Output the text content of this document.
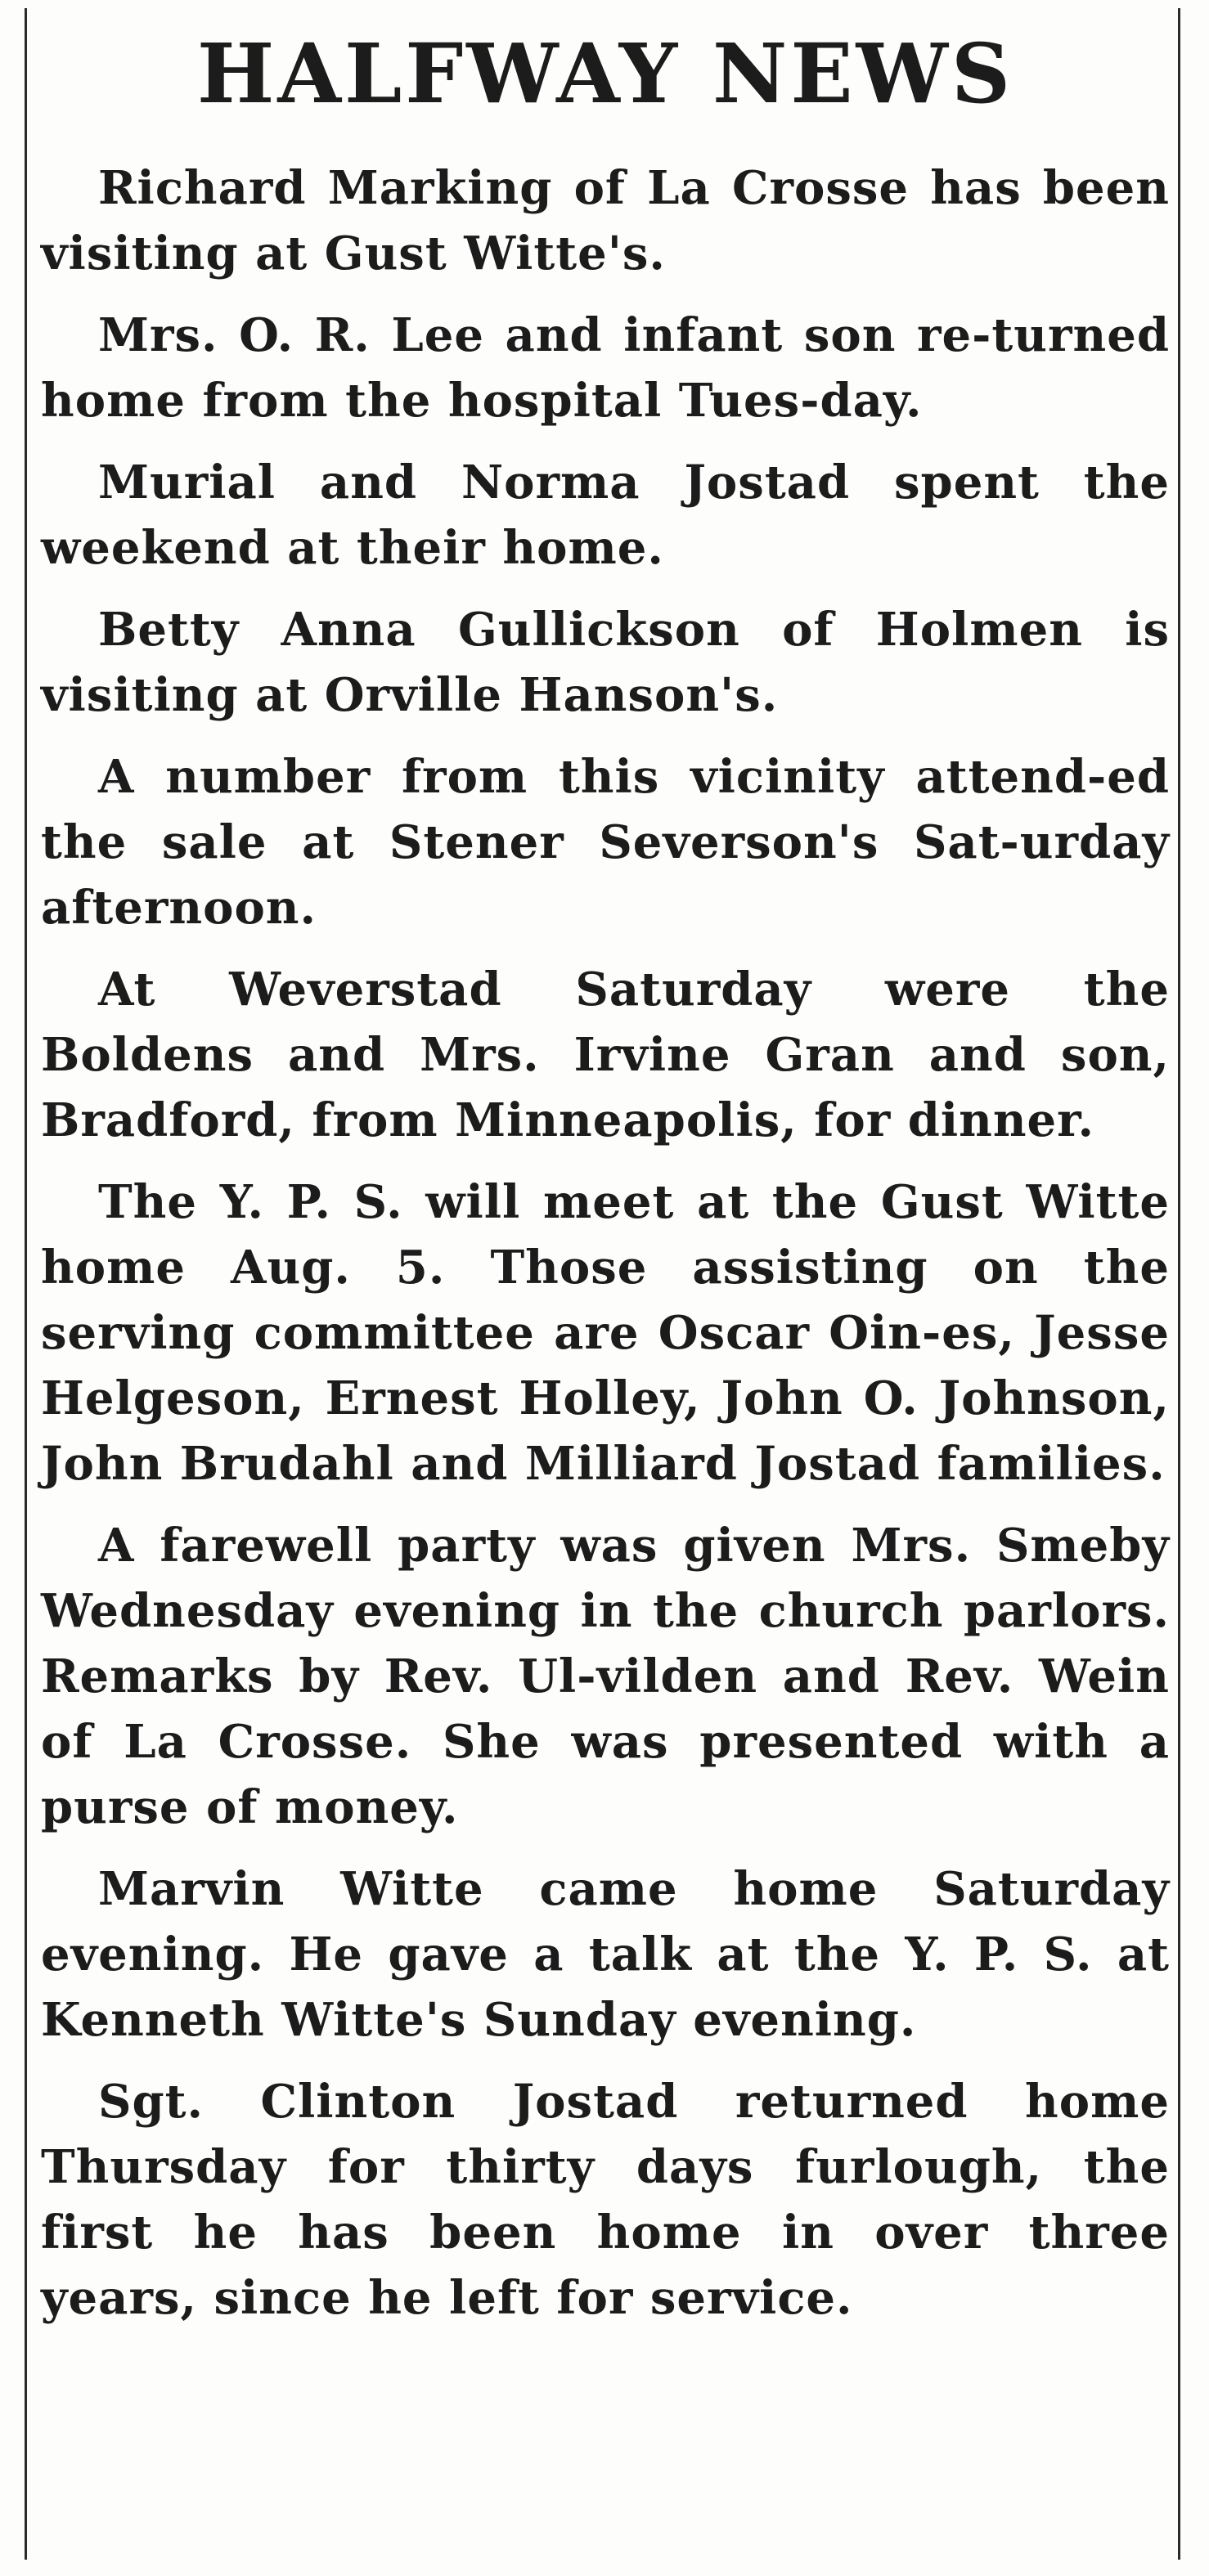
HALFWAY NEWS

Richard Marking of La Crosse has been visiting at Gust Witte's.

Mrs. O. R. Lee and infant son re-turned home from the hospital Tues-day.

Murial and Norma Jostad spent the weekend at their home.

Betty Anna Gullickson of Holmen is visiting at Orville Hanson's.

A number from this vicinity attend-ed the sale at Stener Severson's Sat-urday afternoon.

At Weverstad Saturday were the Boldens and Mrs. Irvine Gran and son, Bradford, from Minneapolis, for dinner.

The Y. P. S. will meet at the Gust Witte home Aug. 5. Those assisting on the serving committee are Oscar Oin-es, Jesse Helgeson, Ernest Holley, John O. Johnson, John Brudahl and Milliard Jostad families.

A farewell party was given Mrs. Smeby Wednesday evening in the church parlors. Remarks by Rev. Ul-vilden and Rev. Wein of La Crosse. She was presented with a purse of money.

Marvin Witte came home Saturday evening. He gave a talk at the Y. P. S. at Kenneth Witte's Sunday evening.

Sgt. Clinton Jostad returned home Thursday for thirty days furlough, the first he has been home in over three years, since he left for service.
